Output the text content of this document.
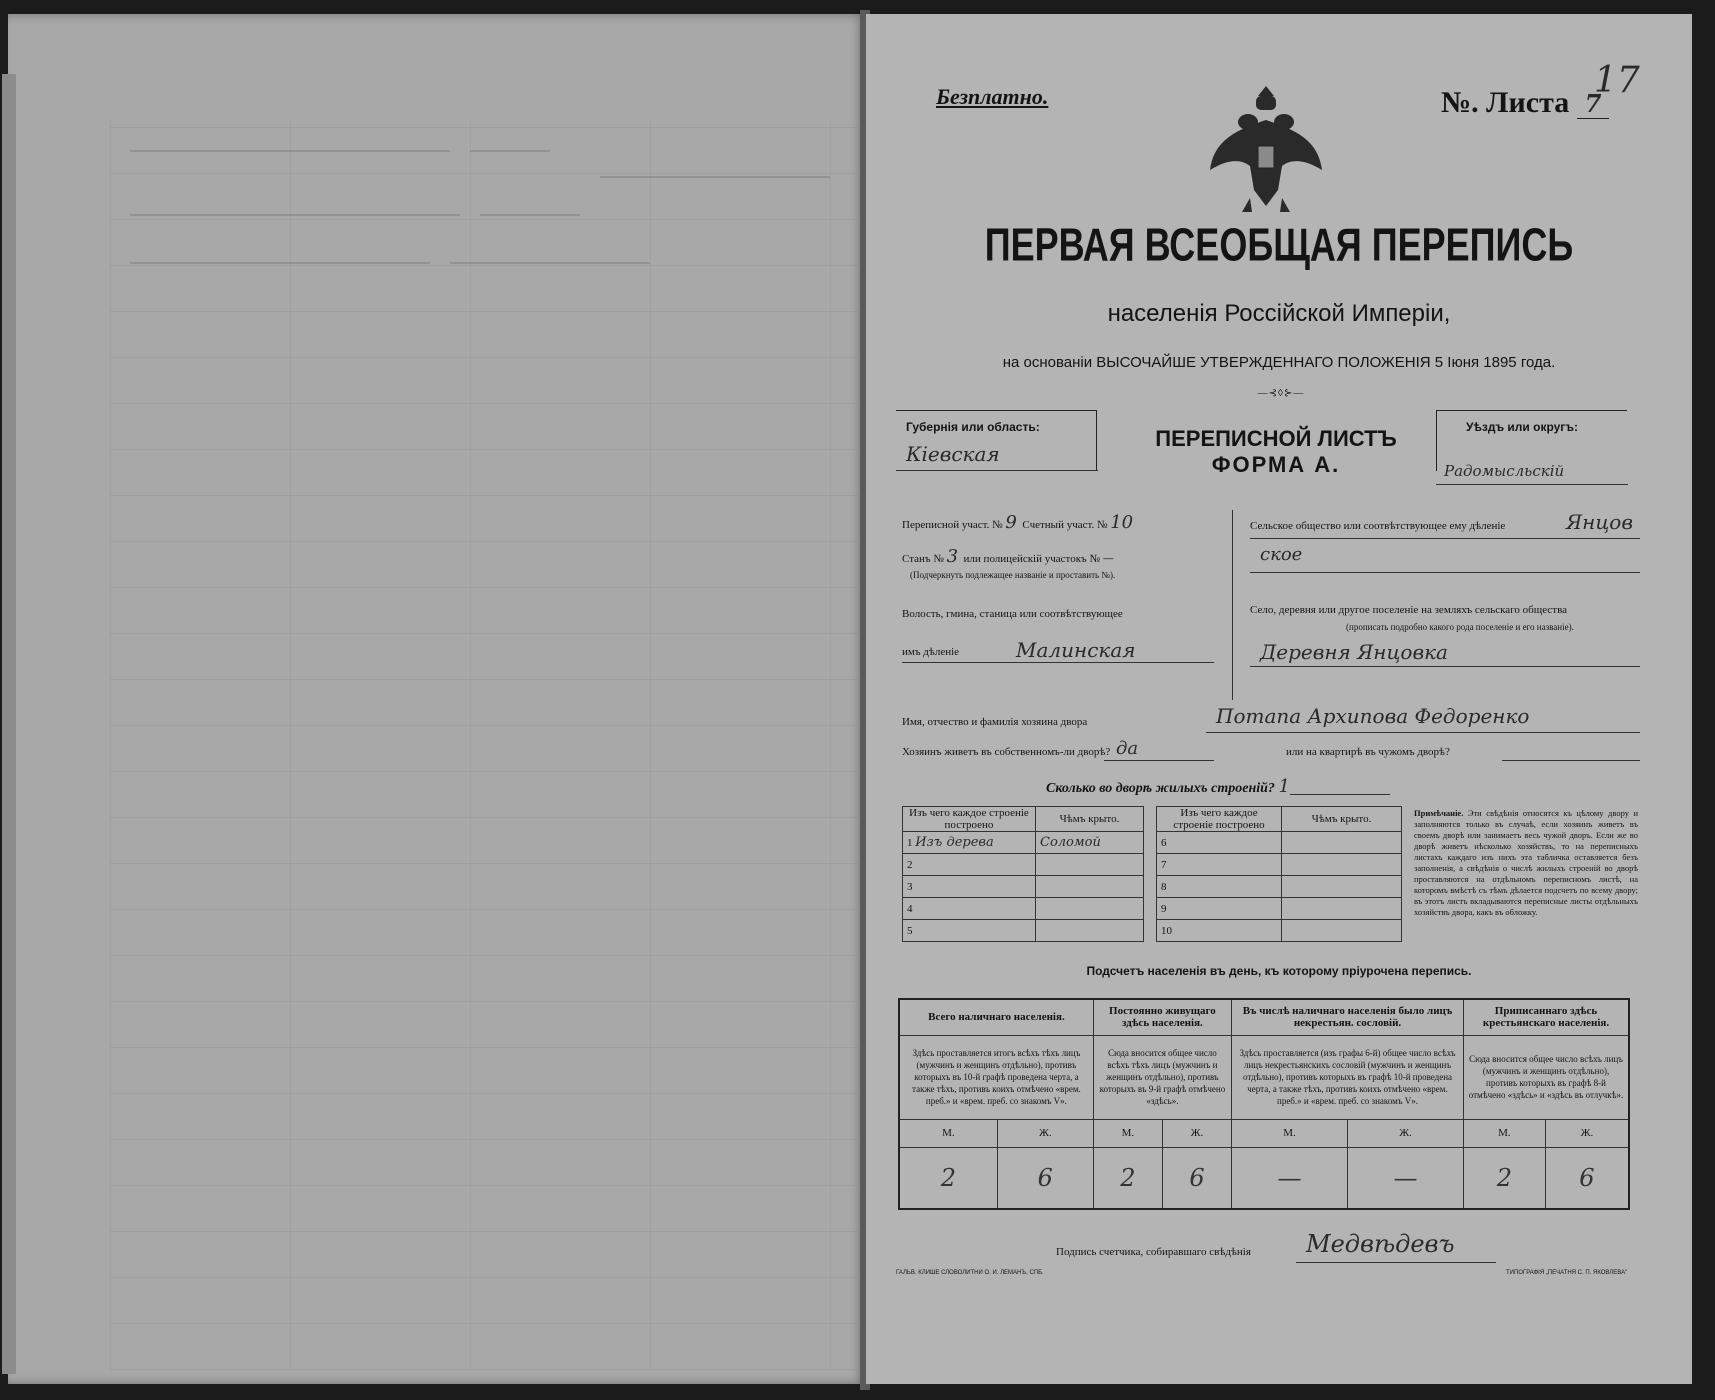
Безплатно.	№. Листа 7
17
ПЕРВАЯ ВСЕОБЩАЯ ПЕРЕПИСЬ
населенія Россійской Имперіи,
на основаніи ВЫСОЧАЙШЕ УТВЕРЖДЕННАГО ПОЛОЖЕНІЯ 5 Іюня 1895 года.
—⊰◊⊱—
Губернія или область:
Кіевская
ПЕРЕПИСНОЙ ЛИСТЪ
ФОРМА А.
Уѣздъ или округъ:
Радомысльскій
Переписной участ. № 9 Счетный участ. № 10
Станъ № 3 или полицейскій участокъ № —
(Подчеркнуть подлежащее названіе и проставить №).
Волость, гмина, станица или соотвѣтствующее
имъ дѣленіе	Малинская
Сельское общество или соотвѣтствующее ему дѣленіе	Янцов
ское
Село, деревня или другое поселеніе на земляхъ сельскаго общества
(прописать подробно какого рода поселеніе и его названіе).
Деревня Янцовка
Имя, отчество и фамилія хозяина двора	Потапа Архипова Федоренко
Хозяинъ живетъ въ собственномъ-ли дворѣ? да	или на квартирѣ въ чужомъ дворѣ?
Сколько во дворѣ жилыхъ строеній? 1
Изъ чего каждое строеніе построено	Чѣмъ крыто.
1 Изъ дерева	Соломой
2	
3	
4	
5	
Изъ чего каждое строеніе построено	Чѣмъ крыто.
6	
7	
8	
9	
10	
Примѣчаніе. Эти свѣдѣнія относятся къ цѣлому двору и заполняются только въ случаѣ, если хозяинъ живетъ въ своемъ дворѣ или занимаетъ весь чужой дворъ. Если же во дворѣ живетъ нѣсколько хозяйствъ, то на переписныхъ листахъ каждаго изъ нихъ эта табличка оставляется безъ заполненія, а свѣдѣнія о числѣ жилыхъ строеній во дворѣ проставляются на отдѣльномъ переписномъ листѣ, на которомъ вмѣстѣ съ тѣмъ дѣлается подсчетъ по всему двору; въ этотъ листъ вкладываются переписные листы отдѣльныхъ хозяйствъ двора, какъ въ обложку.
Подсчетъ населенія въ день, къ которому пріурочена перепись.
Всего наличнаго населенія.		Постоянно живущаго здѣсь населенія.		Въ числѣ наличнаго населенія было лицъ некрестьян. сословій.		Приписаннаго здѣсь крестьянскаго населенія.	
Здѣсь проставляется итогъ всѣхъ тѣхъ лицъ (мужчинъ и женщинъ отдѣльно), противъ которыхъ въ 10-й графѣ проведена черта, а также тѣхъ, противъ коихъ отмѣчено «врем. преб.» и «врем. преб. со знакомъ V».		Сюда вносится общее число всѣхъ тѣхъ лицъ (мужчинъ и женщинъ отдѣльно), противъ которыхъ въ 9-й графѣ отмѣчено «здѣсь».		Здѣсь проставляется (изъ графы 6-й) общее число всѣхъ лицъ некрестьянскихъ сословій (мужчинъ и женщинъ отдѣльно), противъ которыхъ въ графѣ 10-й проведена черта, а также тѣхъ, противъ коихъ отмѣчено «врем. преб.» и «врем. преб. со знакомъ V».		Сюда вносится общее число всѣхъ лицъ (мужчинъ и женщинъ отдѣльно), противъ которыхъ въ графѣ 8-й отмѣчено «здѣсь» и «здѣсь въ отлучкѣ».	
М.	Ж.	М.	Ж.	М.	Ж.	М.	Ж.
2	6	2	6	—	—	2	6
Подпись счетчика, собиравшаго свѣдѣнія Медвѣдевъ
ГАЛЬВ. КЛИШЕ СЛОВОЛИТНИ О. И. ЛЕМАНЪ, СПБ.	ТИПОГРАФІЯ „ПЕЧАТНЯ С. П. ЯКОВЛЕВА"
